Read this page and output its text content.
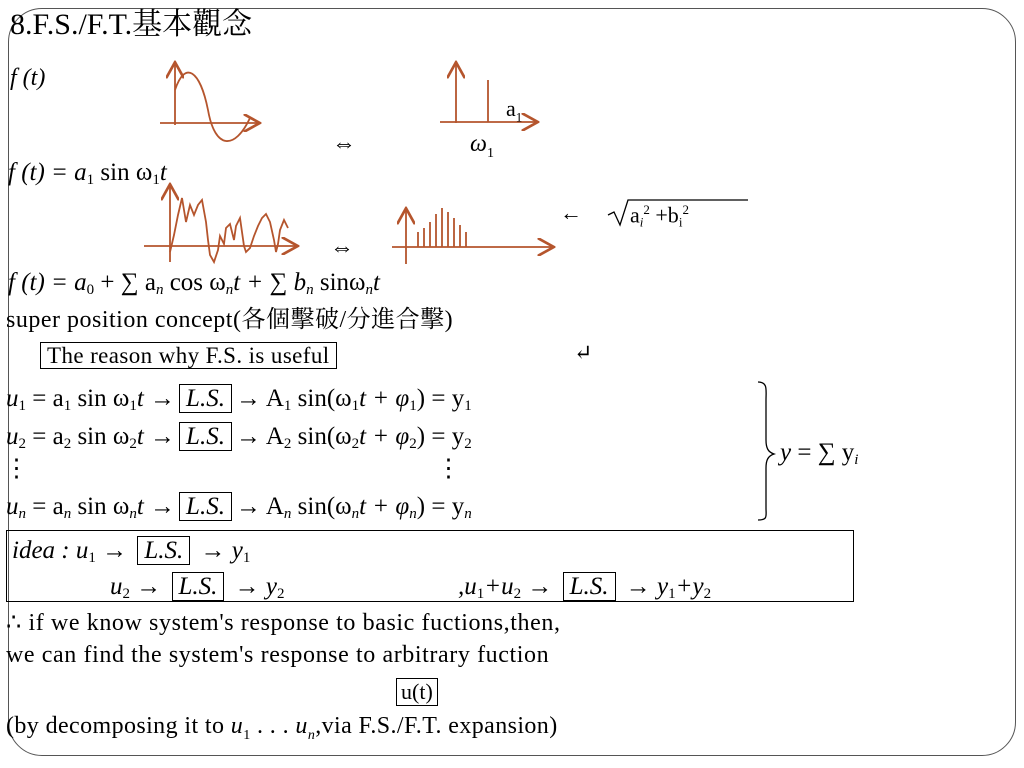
8.F.S./F.T.基本觀念
f (t)
⇔
⇔
$a_1$
$\omega_1$
f $(t) = a_1$ $\sin \omega_1t$
← $a_i^2 +b_i^2$
f $(t) = a_0$ + ∑ $a_n$ $\cos \omega_nt$ + ∑ $b_n$ sinω$_n$t
super position concept(各個擊破/分進合擊)
The reason why F.S. is useful	↵
$u_1 = a_1$ $\sin \omega_1t \to L.S$. → $A_1$ $\sin(\omega_1t + \varphi_1) = y_1$
$u_2 = a_2$ $\sin \omega_2t \to L.S$. → $A_2$ $\sin(\omega_2t + \varphi_2) = y_2$
⋮	⋮
$u_n = a_n$ $\sin \omega_nt \to L.S$. → $A_n$ $\sin(\omega_nt + \varphi_n) = y_n$
y = ∑ $y_i$
idea : $u_1 \to L.S$. → $y_1$
$u_2 \to L.S$. → $y_2$	$,u_1+u_2 \to L.S$. → $y_1+y_2$
∴ if we know system's response to basic fuctions,then,
we can find the system's response to arbitrary fuction
u(t)
(by decomposing it to $u_1$ . . . $u_n,via$ F.S./F.T. expansion)
